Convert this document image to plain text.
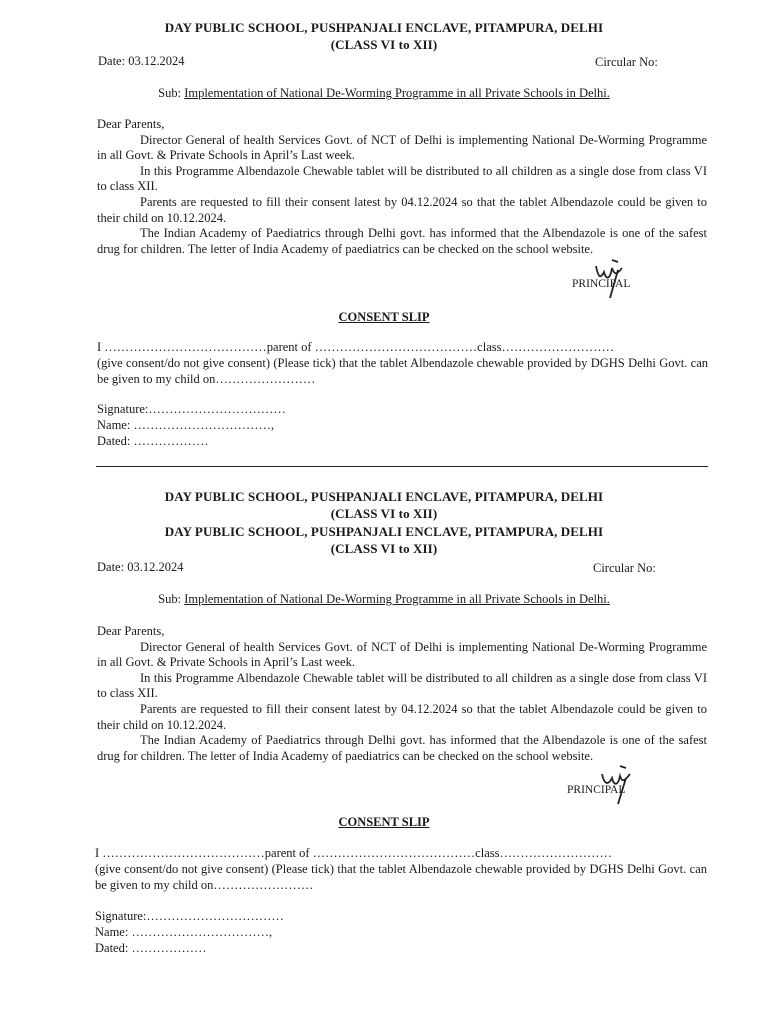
DAY PUBLIC SCHOOL, PUSHPANJALI ENCLAVE, PITAMPURA, DELHI
(CLASS VI to XII)
Date: 03.12.2024	Circular No:
Sub: Implementation of National De-Worming Programme in all Private Schools in Delhi.

Dear Parents,

Director General of health Services Govt. of NCT of Delhi is implementing National De-Worming Programme in all Govt. & Private Schools in April’s Last week.

In this Programme Albendazole Chewable tablet will be distributed to all children as a single dose from class VI to class XII.

Parents are requested to fill their consent latest by 04.12.2024 so that the tablet Albendazole could be given to their child on 10.12.2024.

The Indian Academy of Paediatrics through Delhi govt. has informed that the Albendazole is one of the safest drug for children. The letter of India Academy of paediatrics can be checked on the school website.

PRINCIPAL
CONSENT SLIP
I …………………………………parent of …………………………………class………………………

(give consent/do not give consent) (Please tick) that the tablet Albendazole chewable provided by DGHS Delhi Govt. can be given to my child on……………………

Signature:……………………………
Name: ……………………………,
Dated: ………………
DAY PUBLIC SCHOOL, PUSHPANJALI ENCLAVE, PITAMPURA, DELHI
(CLASS VI to XII)
DAY PUBLIC SCHOOL, PUSHPANJALI ENCLAVE, PITAMPURA, DELHI
(CLASS VI to XII)
Date: 03.12.2024	Circular No:
Sub: Implementation of National De-Worming Programme in all Private Schools in Delhi.

Dear Parents,

Director General of health Services Govt. of NCT of Delhi is implementing National De-Worming Programme in all Govt. & Private Schools in April’s Last week.

In this Programme Albendazole Chewable tablet will be distributed to all children as a single dose from class VI to class XII.

Parents are requested to fill their consent latest by 04.12.2024 so that the tablet Albendazole could be given to their child on 10.12.2024.

The Indian Academy of Paediatrics through Delhi govt. has informed that the Albendazole is one of the safest drug for children. The letter of India Academy of paediatrics can be checked on the school website.

PRINCIPAL
CONSENT SLIP
I …………………………………parent of …………………………………class………………………

(give consent/do not give consent) (Please tick) that the tablet Albendazole chewable provided by DGHS Delhi Govt. can be given to my child on……………………

Signature:……………………………
Name: ……………………………,
Dated: ………………
